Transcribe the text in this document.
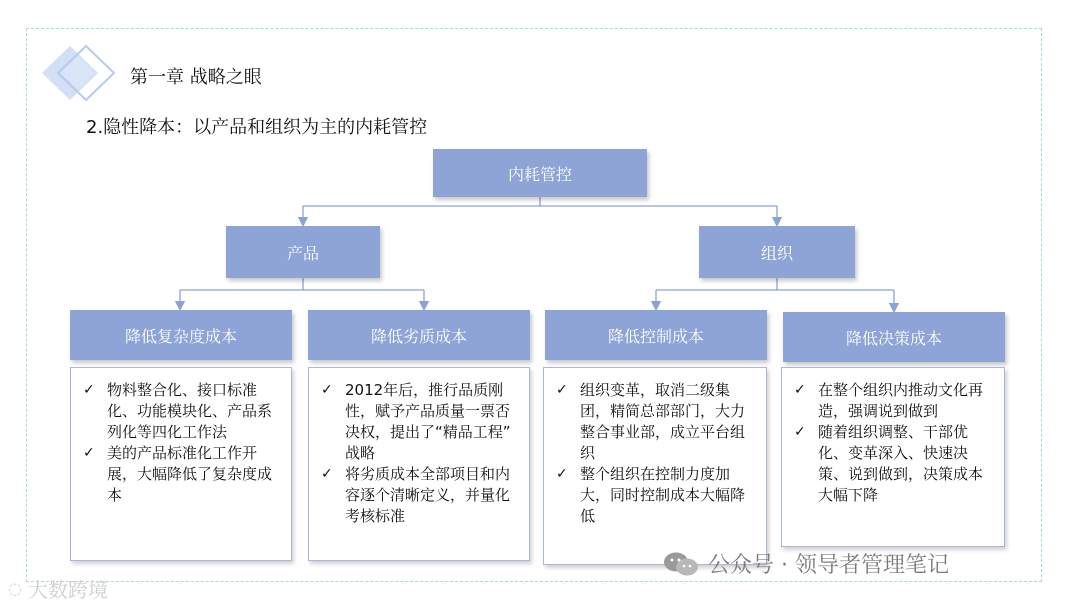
第一章 战略之眼
2.隐性降本：以产品和组织为主的内耗管控
内耗管控
产品	组织
降低复杂度成本	降低劣质成本	降低控制成本	降低决策成本
✓ 物料整合化、接口标准化、功能模块化、产品系列化等四化工作法
✓ 美的产品标准化工作开展，大幅降低了复杂度成本
✓ 2012年后，推行品质刚性，赋予产品质量一票否决权，提出了“精品工程” 战略
✓ 将劣质成本全部项目和内容逐个清晰定义，并量化考核标准
✓ 组织变革，取消二级集团，精简总部部门，大力整合事业部，成立平台组织
✓ 整个组织在控制力度加大，同时控制成本大幅降低
✓ 在整个组织内推动文化再造，强调说到做到
✓ 随着组织调整、干部优化、变革深入、快速决策、说到做到，决策成本大幅下降
公众号 · 领导者管理笔记
◌ 大数跨境
